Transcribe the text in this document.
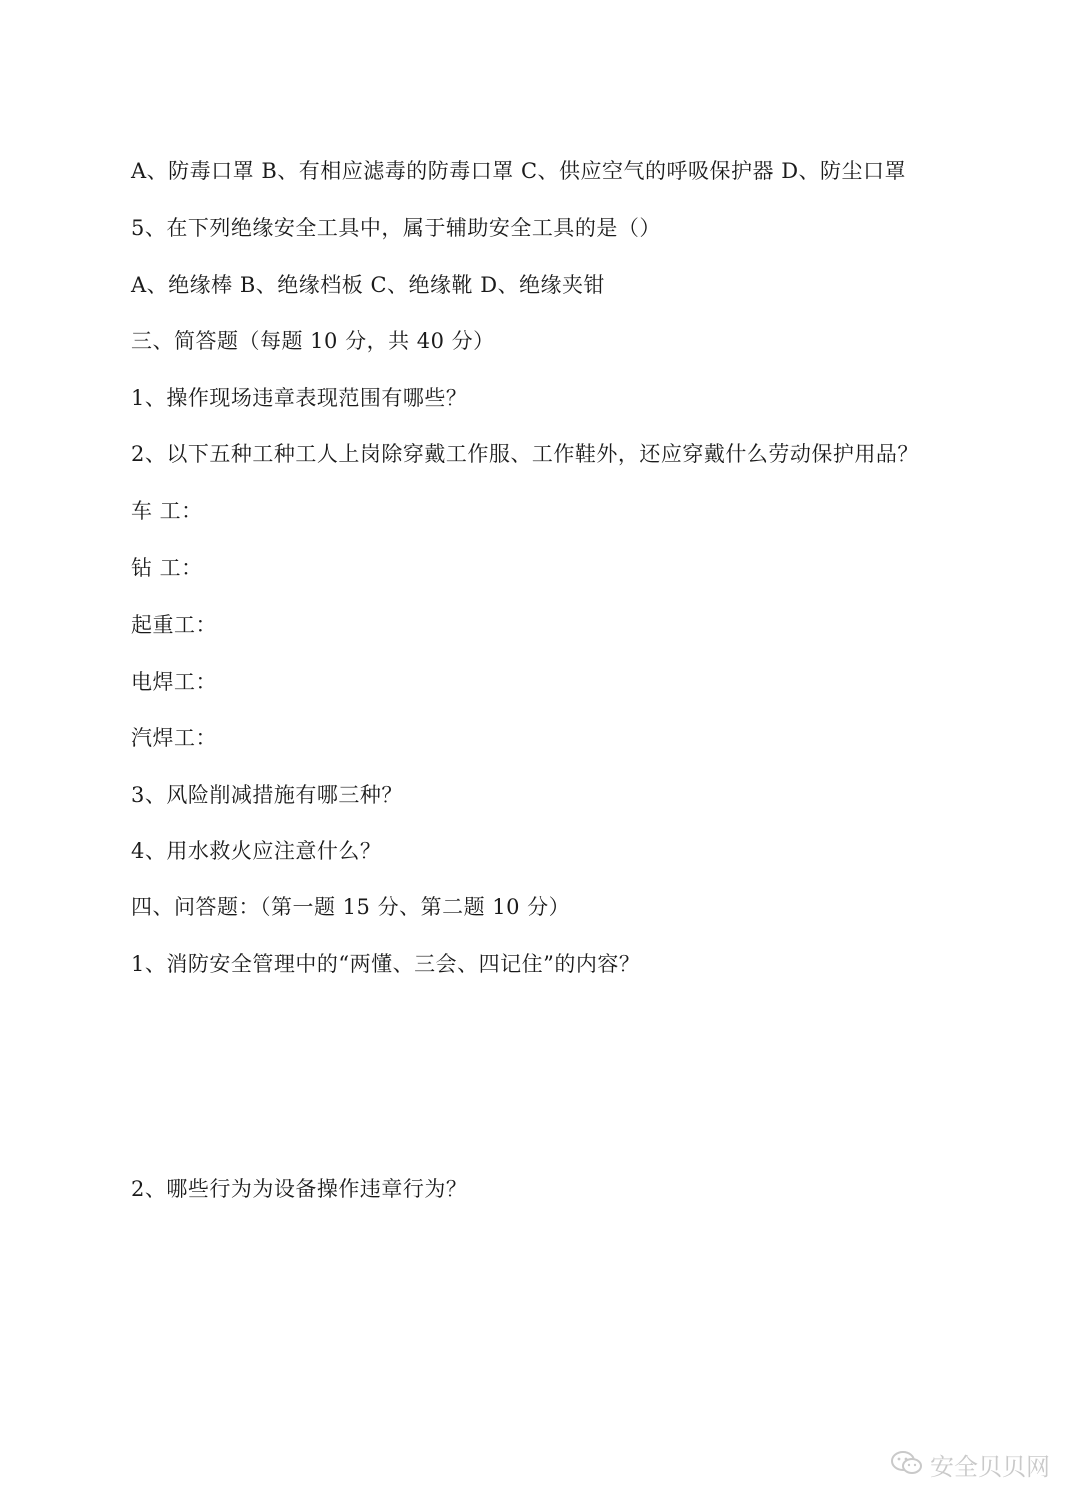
A、防毒口罩 B、有相应滤毒的防毒口罩 C、供应空气的呼吸保护器 D、防尘口罩
5、在下列绝缘安全工具中，属于辅助安全工具的是（）
A、绝缘棒 B、绝缘档板 C、绝缘靴 D、绝缘夹钳
三、简答题（每题 10 分，共 40 分）
1、操作现场违章表现范围有哪些？
2、以下五种工种工人上岗除穿戴工作服、工作鞋外，还应穿戴什么劳动保护用品？
车 工：
钻 工：
起重工：
电焊工：
汽焊工：
3、风险削减措施有哪三种？
4、用水救火应注意什么？
四、问答题：（第一题 15 分、第二题 10 分）
1、消防安全管理中的“两懂、三会、四记住”的内容？
2、哪些行为为设备操作违章行为？
安全贝贝网
